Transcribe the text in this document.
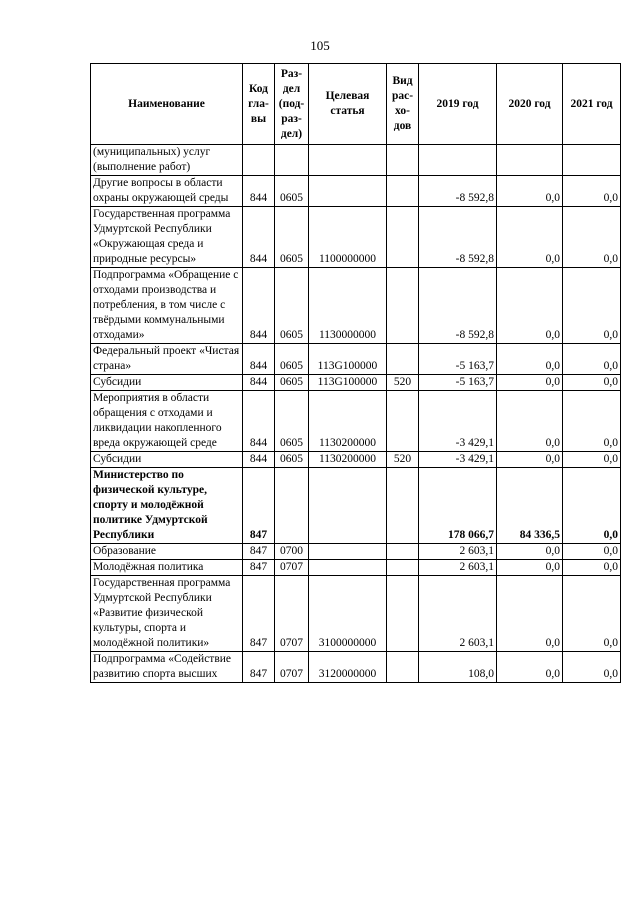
105
Наименование	Код гла- вы	Раз- дел (под- раз- дел)	Целевая статья	Вид рас- хо- дов	2019 год	2020 год	2021 год
(муниципальных) услуг (выполнение работ)							
Другие вопросы в области охраны окружающей среды	844	0605			-8 592,8	0,0	0,0
Государственная программа Удмуртской Республики «Окружающая среда и природные ресурсы»	844	0605	1100000000		-8 592,8	0,0	0,0
Подпрограмма «Обращение с отходами производства и потребления, в том числе с твёрдыми коммунальными отходами»	844	0605	1130000000		-8 592,8	0,0	0,0
Федеральный проект «Чистая страна»	844	0605	113G100000		-5 163,7	0,0	0,0
Субсидии	844	0605	113G100000	520	-5 163,7	0,0	0,0
Мероприятия в области обращения с отходами и ликвидации накопленного вреда окружающей среде	844	0605	1130200000		-3 429,1	0,0	0,0
Субсидии	844	0605	1130200000	520	-3 429,1	0,0	0,0
Министерство по физической культуре, спорту и молодёжной политике Удмуртской Республики	847				178 066,7	84 336,5	0,0
Образование	847	0700			2 603,1	0,0	0,0
Молодёжная политика	847	0707			2 603,1	0,0	0,0
Государственная программа Удмуртской Республики «Развитие физической культуры, спорта и молодёжной политики»	847	0707	3100000000		2 603,1	0,0	0,0
Подпрограмма «Содействие развитию спорта высших	847	0707	3120000000		108,0	0,0	0,0
